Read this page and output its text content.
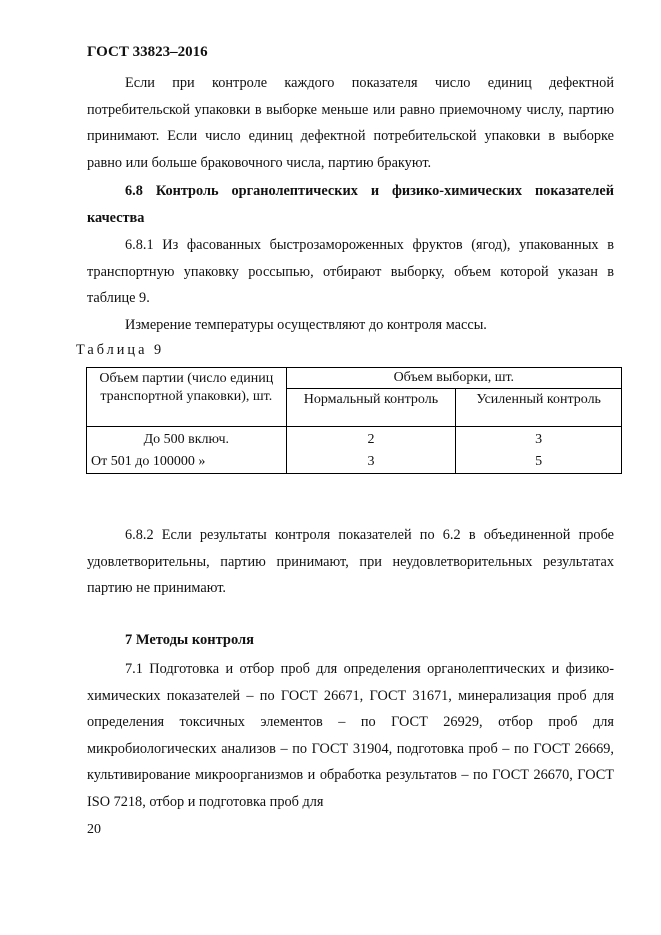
ГОСТ 33823–2016

Если при контроле каждого показателя число единиц дефектной потребительской упаковки в выборке меньше или равно приемочному числу, партию принимают. Если число единиц дефектной потребительской упаковки в выборке равно или больше браковочного числа, партию бракуют.

6.8 Контроль органолептических и физико-химических показателей качества

6.8.1 Из фасованных быстрозамороженных фруктов (ягод), упакованных в транспортную упаковку россыпью, отбирают выборку, объем которой указан в таблице 9.

Измерение температуры осуществляют до контроля массы.

Таблица 9
Объем партии (число единиц транспортной упаковки), шт.	Объем выборки, шт.	
	Нормальный контроль	Усиленный контроль
До 500 включ.	2	3
От 501 до 100000 »	3	5

6.8.2 Если результаты контроля показателей по 6.2 в объединенной пробе удовлетворительны, партию принимают, при неудовлетворительных результатах партию не принимают.

7 Методы контроля

7.1 Подготовка и отбор проб для определения органолептических и физико-химических показателей – по ГОСТ 26671, ГОСТ 31671, минерализация проб для определения токсичных элементов – по ГОСТ 26929, отбор проб для микробиологических анализов – по ГОСТ 31904, подготовка проб – по ГОСТ 26669, культивирование микроорганизмов и обработка результатов – по ГОСТ 26670, ГОСТ ISO 7218, отбор и подготовка проб для

20
